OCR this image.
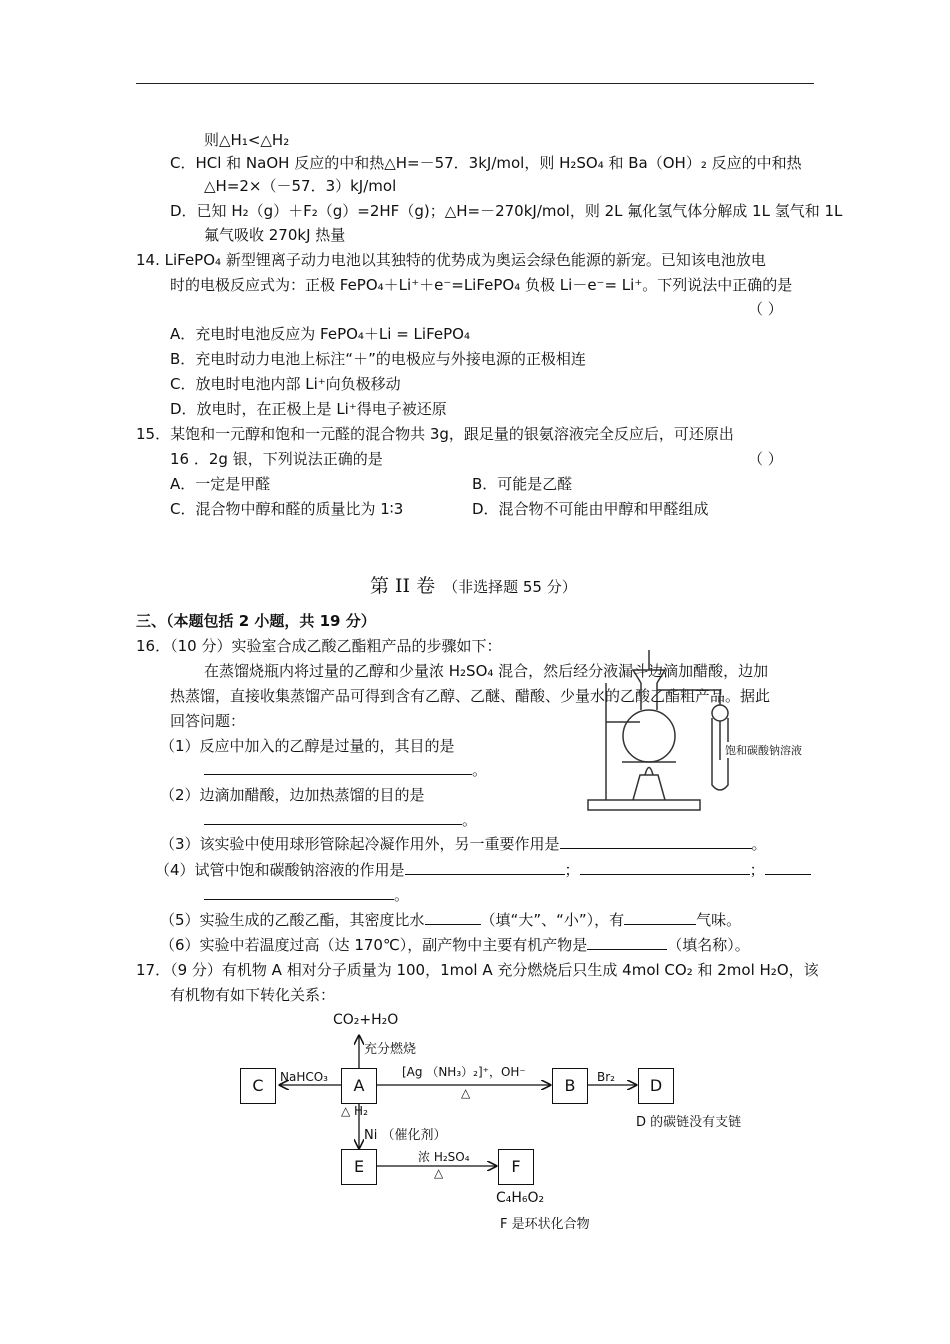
则△H₁<△H₂
C．HCl 和 NaOH 反应的中和热△H=－57．3kJ/mol，则 H₂SO₄ 和 Ba（OH）₂ 反应的中和热
△H=2×（－57．3）kJ/mol
D．已知 H₂（g）＋F₂（g）=2HF（g)；△H=－270kJ/mol，则 2L 氟化氢气体分解成 1L 氢气和 1L
氟气吸收 270kJ 热量
14. LiFePO₄ 新型锂离子动力电池以其独特的优势成为奥运会绿色能源的新宠。已知该电池放电
时的电极反应式为：正极 FePO₄＋Li⁺＋e⁻=LiFePO₄ 负极 Li－e⁻= Li⁺。下列说法中正确的是
（ ）
A．充电时电池反应为 FePO₄＋Li = LiFePO₄
B．充电时动力电池上标注“＋”的电极应与外接电源的正极相连
C．放电时电池内部 Li⁺向负极移动
D．放电时，在正极上是 Li⁺得电子被还原
15．某饱和一元醇和饱和一元醛的混合物共 3g，跟足量的银氨溶液完全反应后，可还原出
16 ．2g 银，下列说法正确的是	（ ）
A．一定是甲醛	B．可能是乙醛
C．混合物中醇和醛的质量比为 1∶3	D．混合物不可能由甲醇和甲醛组成
第 II 卷 （非选择题 55 分）
三、（本题包括 2 小题，共 19 分）
16．（10 分）实验室合成乙酸乙酯粗产品的步骤如下：
在蒸馏烧瓶内将过量的乙醇和少量浓 H₂SO₄ 混合，然后经分液漏斗边滴加醋酸，边加
热蒸馏，直接收集蒸馏产品可得到含有乙醇、乙醚、醋酸、少量水的乙酸乙酯粗产品。据此
回答问题：
饱和碳酸钠溶液
（1）反应中加入的乙醇是过量的，其目的是
。
（2）边滴加醋酸，边加热蒸馏的目的是
。
（3）该实验中使用球形管除起冷凝作用外，另一重要作用是	。
（4）试管中饱和碳酸钠溶液的作用是	；	；
。
（5）实验生成的乙酸乙酯，其密度比水	（填“大”、“小”），有	气味。
（6）实验中若温度过高（达 170℃），副产物中主要有机产物是	（填名称）。
17．（9 分）有机物 A 相对分子质量为 100，1mol A 充分燃烧后只生成 4mol CO₂ 和 2mol H₂O，该
有机物有如下转化关系：
CO₂+H₂O
充分燃烧
NaHCO₃	[Ag （NH₃）₂]⁺，OH⁻
△
Br₂
△ H₂
Ni （催化剂）
浓 H₂SO₄
△
C	A	B	D
E	F
D 的碳链没有支链
C₄H₆O₂
F 是环状化合物
